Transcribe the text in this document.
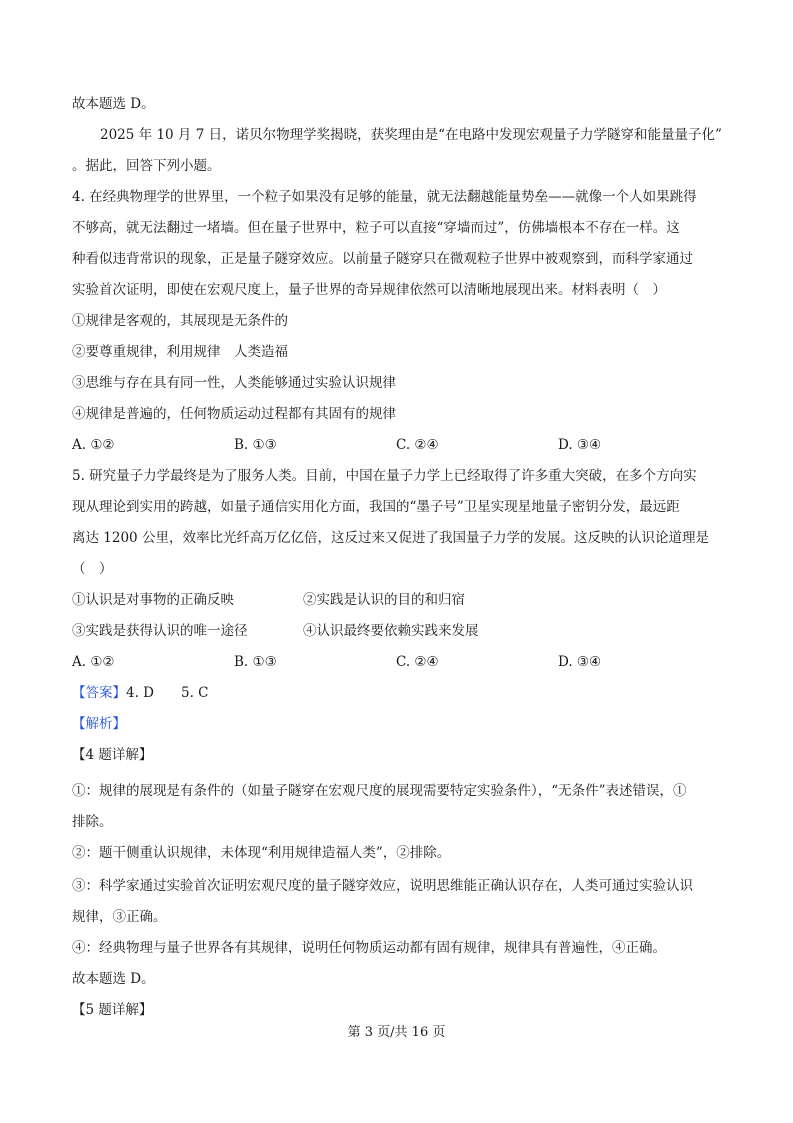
故本题选 D。
2025 年 10 月 7 日，诺贝尔物理学奖揭晓，获奖理由是“在电路中发现宏观量子力学隧穿和能量量子化”
。据此，回答下列小题。
4. 在经典物理学的世界里，一个粒子如果没有足够的能量，就无法翻越能量势垒——就像一个人如果跳得
不够高，就无法翻过一堵墙。但在量子世界中，粒子可以直接“穿墙而过”，仿佛墙根本不存在一样。这
种看似违背常识的现象，正是量子隧穿效应。以前量子隧穿只在微观粒子世界中被观察到，而科学家通过
实验首次证明，即使在宏观尺度上，量子世界的奇异规律依然可以清晰地展现出来。材料表明（　）
①规律是客观的，其展现是无条件的
②要尊重规律，利用规律　人类造福
③思维与存在具有同一性，人类能够通过实验认识规律
④规律是普遍的，任何物质运动过程都有其固有的规律
A. ①②	B. ①③	C. ②④	D. ③④
5. 研究量子力学最终是为了服务人类。目前，中国在量子力学上已经取得了许多重大突破，在多个方向实
现从理论到实用的跨越，如量子通信实用化方面，我国的“墨子号”卫星实现星地量子密钥分发，最远距
离达 1200 公里，效率比光纤高万亿亿倍，这反过来又促进了我国量子力学的发展。这反映的认识论道理是
（　）
①认识是对事物的正确反映	②实践是认识的目的和归宿
③实践是获得认识的唯一途径	④认识最终要依赖实践来发展
A. ①②	B. ①③	C. ②④	D. ③④
【答案】4. D　　5. C
【解析】
【4 题详解】
①：规律的展现是有条件的（如量子隧穿在宏观尺度的展现需要特定实验条件），“无条件”表述错误，①
排除。
②：题干侧重认识规律，未体现“利用规律造福人类”，②排除。
③：科学家通过实验首次证明宏观尺度的量子隧穿效应，说明思维能正确认识存在，人类可通过实验认识
规律，③正确。
④：经典物理与量子世界各有其规律，说明任何物质运动都有固有规律，规律具有普遍性，④正确。
故本题选 D。
【5 题详解】
第 3 页/共 16 页
